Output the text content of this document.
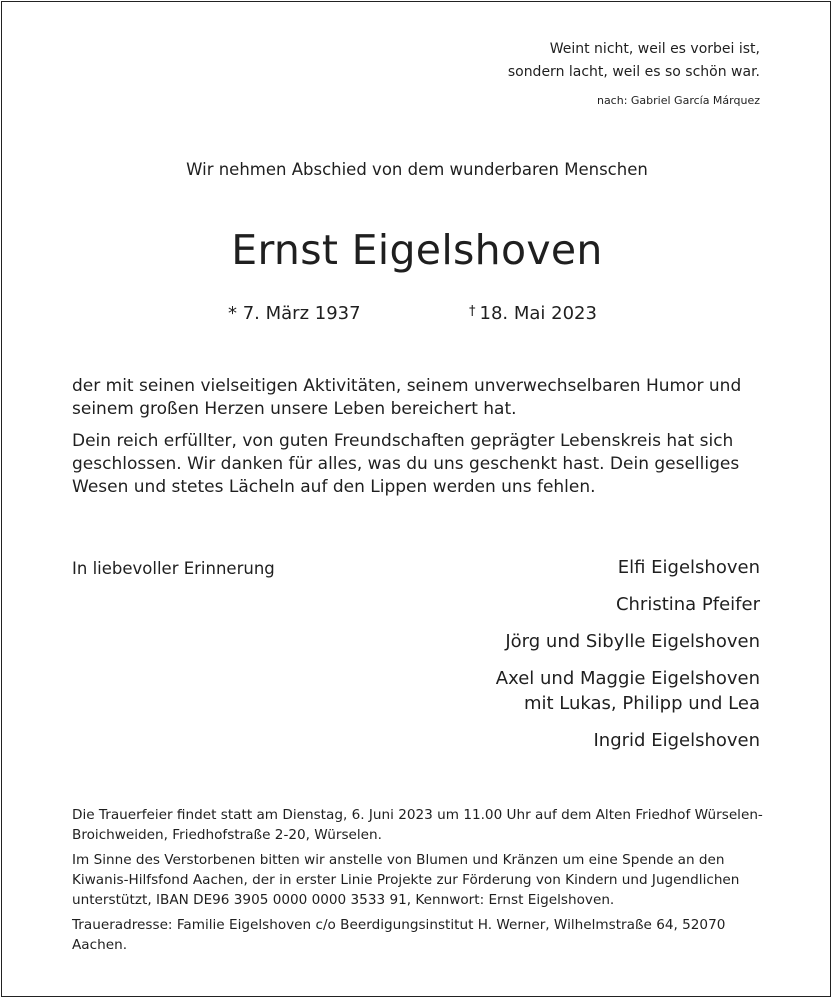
Weint nicht, weil es vorbei ist,
sondern lacht, weil es so schön war.
nach: Gabriel García Márquez
Wir nehmen Abschied von dem wunderbaren Menschen
Ernst Eigelshoven
* 7. März 1937	† 18. Mai 2023

der mit seinen vielseitigen Aktivitäten, seinem unverwechselbaren Humor und seinem großen Herzen unsere Leben bereichert hat.

Dein reich erfüllter, von guten Freundschaften geprägter Lebenskreis hat sich geschlossen. Wir danken für alles, was du uns geschenkt hast. Dein geselliges Wesen und stetes Lächeln auf den Lippen werden uns fehlen.

In liebevoller Erinnerung	Elfi Eigelshoven
Christina Pfeifer
Jörg und Sibylle Eigelshoven
Axel und Maggie Eigelshoven
mit Lukas, Philipp und Lea
Ingrid Eigelshoven

Die Trauerfeier findet statt am Dienstag, 6. Juni 2023 um 11.00 Uhr auf dem Alten Friedhof Würselen-Broichweiden, Friedhofstraße 2-20, Würselen.

Im Sinne des Verstorbenen bitten wir anstelle von Blumen und Kränzen um eine Spende an den Kiwanis-Hilfsfond Aachen, der in erster Linie Projekte zur Förderung von Kindern und Jugendlichen unterstützt, IBAN DE96 3905 0000 0000 3533 91, Kennwort: Ernst Eigelshoven.

Traueradresse: Familie Eigelshoven c/o Beerdigungsinstitut H. Werner, Wilhelmstraße 64, 52070 Aachen.
